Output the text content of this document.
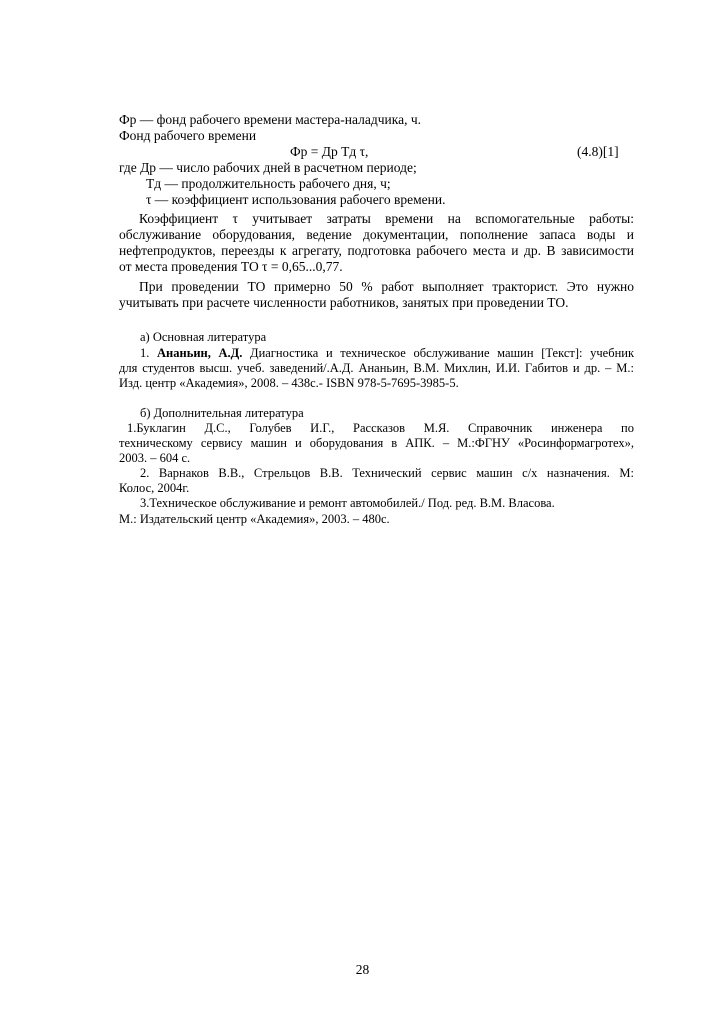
Фр — фонд рабочего времени мастера-наладчика, ч.
Фонд рабочего времени
Фр = Др Тд τ,	(4.8)[1]
где Др — число рабочих дней в расчетном периоде;
Тд — продолжительность рабочего дня, ч;
τ — коэффициент использования рабочего времени.
Коэффициент τ учитывает затраты времени на вспомогательные работы:
обслуживание оборудования, ведение документации, пополнение запаса воды и
нефтепродуктов, переезды к агрегату, подготовка рабочего места и др. В зависимости
от места проведения ТО τ = 0,65...0,77.
При проведении ТО примерно 50 % работ выполняет тракторист. Это нужно
учитывать при расчете численности работников, занятых при проведении ТО.
а) Основная литература
1. Ананьин, А.Д. Диагностика и техническое обслуживание машин [Текст]: учебник
для студентов высш. учеб. заведений/.А.Д. Ананьин, В.М. Михлин, И.И. Габитов и др. – М.:
Изд. центр «Академия», 2008. – 438с.- ISBN 978-5-7695-3985-5.
б) Дополнительная литература
1.Буклагин Д.С., Голубев И.Г., Рассказов М.Я. Справочник инженера по
техническому сервису машин и оборудования в АПК. – М.:ФГНУ «Росинформагротех»,
2003. – 604 с.
2. Варнаков В.В., Стрельцов В.В. Технический сервис машин с/х назначения. М:
Колос, 2004г.
3.Техническое обслуживание и ремонт автомобилей./ Под. ред. В.М. Власова.
М.: Издательский центр «Академия», 2003. – 480с.
28
